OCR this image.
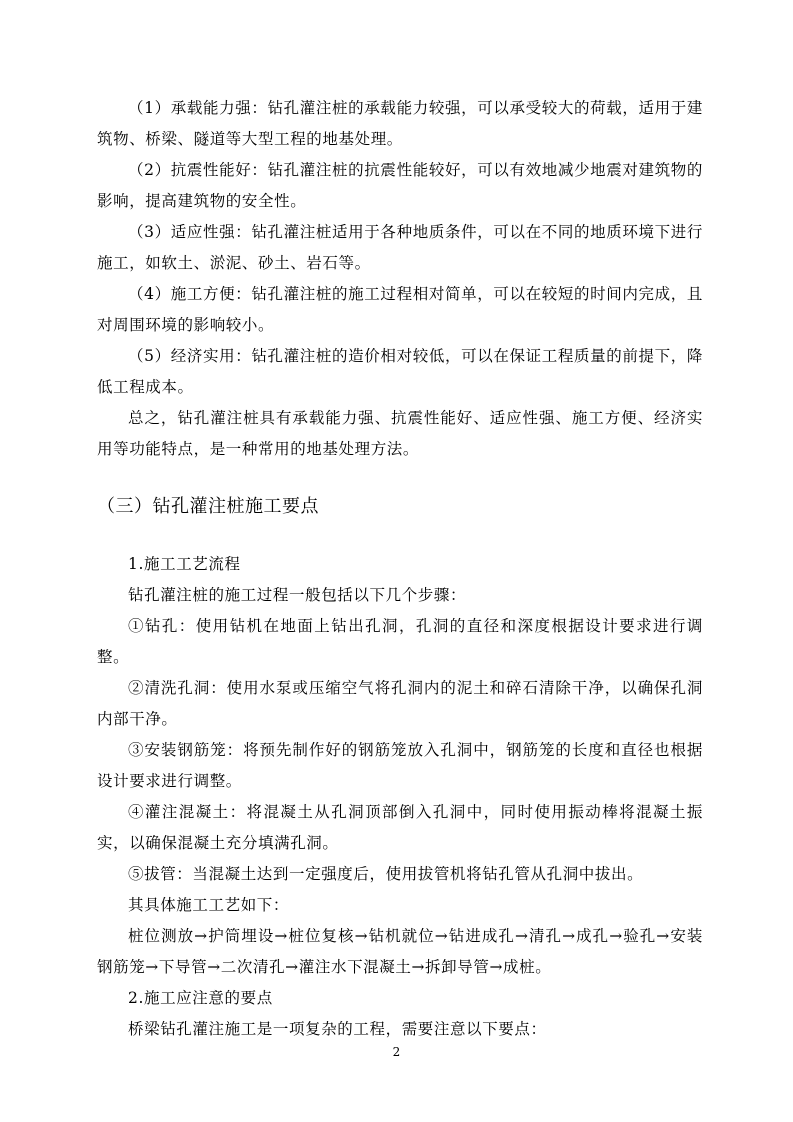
（1）承载能力强：钻孔灌注桩的承载能力较强，可以承受较大的荷载，适用于建筑物、桥梁、隧道等大型工程的地基处理。

（2）抗震性能好：钻孔灌注桩的抗震性能较好，可以有效地减少地震对建筑物的影响，提高建筑物的安全性。

（3）适应性强：钻孔灌注桩适用于各种地质条件，可以在不同的地质环境下进行施工，如软土、淤泥、砂土、岩石等。

（4）施工方便：钻孔灌注桩的施工过程相对简单，可以在较短的时间内完成，且对周围环境的影响较小。

（5）经济实用：钻孔灌注桩的造价相对较低，可以在保证工程质量的前提下，降低工程成本。

总之，钻孔灌注桩具有承载能力强、抗震性能好、适应性强、施工方便、经济实用等功能特点，是一种常用的地基处理方法。

（三）钻孔灌注桩施工要点

1.施工工艺流程

钻孔灌注桩的施工过程一般包括以下几个步骤：

①钻孔：使用钻机在地面上钻出孔洞，孔洞的直径和深度根据设计要求进行调整。

②清洗孔洞：使用水泵或压缩空气将孔洞内的泥土和碎石清除干净，以确保孔洞内部干净。

③安装钢筋笼：将预先制作好的钢筋笼放入孔洞中，钢筋笼的长度和直径也根据设计要求进行调整。

④灌注混凝土：将混凝土从孔洞顶部倒入孔洞中，同时使用振动棒将混凝土振实，以确保混凝土充分填满孔洞。

⑤拔管：当混凝土达到一定强度后，使用拔管机将钻孔管从孔洞中拔出。

其具体施工工艺如下：

桩位测放→护筒埋设→桩位复核→钻机就位→钻进成孔→清孔→成孔→验孔→安装钢筋笼→下导管→二次清孔→灌注水下混凝土→拆卸导管→成桩。

2.施工应注意的要点

桥梁钻孔灌注施工是一项复杂的工程，需要注意以下要点：

2
